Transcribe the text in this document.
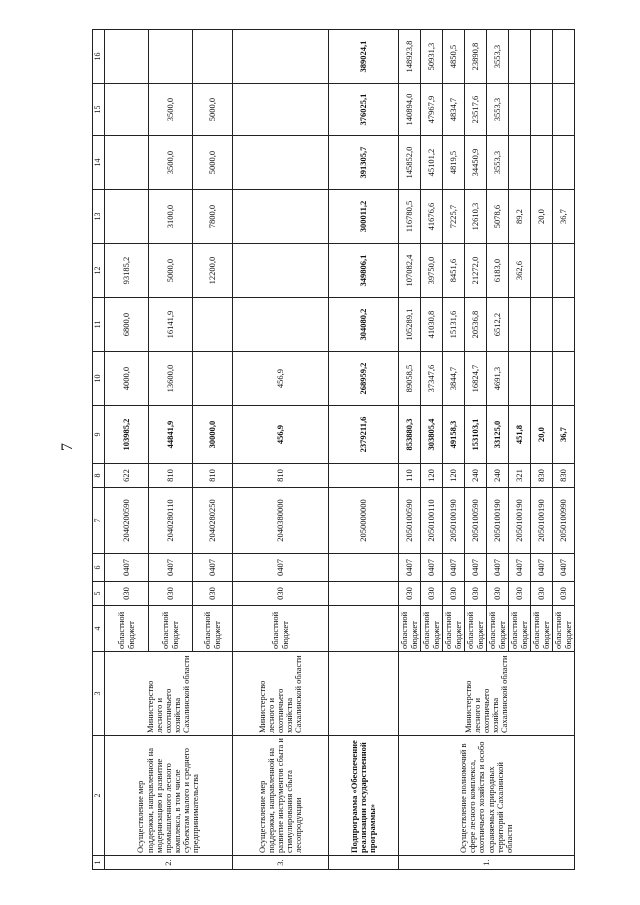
7
1	2	3	4	5	6	7	8	9	10	11	12	13	14	15	16
2.	Осуществление мер поддержки, направленной на модернизацию и развитие промышленного лесного комплекса, в том числе субъектам малого и среднего предпринимательства	Министерство лесного и охотничьего хозяйства Сахалинской области	областной бюджет	030	0407	2040200590	622	103985,2	4000,0	6800,0	93185,2				
			областной бюджет	030	0407	2040280110	810	44841,9	13600,0	16141,9	5000,0	3100,0	3500,0	3500,0	
			областной бюджет	030	0407	2040280250	810	30000,0			12200,0	7800,0	5000,0	5000,0	
3.	Осуществление мер поддержки, направленной на развитие инструментов сбыта и стимулирования сбыта лесопродукции	Министерство лесного и охотничьего хозяйства Сахалинской области	областной бюджет	030	0407	2040380000	810	456,9	456,9						
	Подпрограмма «Обеспечение реализации государственной программы»					2050000000		2379211,6	268959,2	304080,2	349806,1	300011,2	391305,7	376025,1	389024,1
1.	Осуществление полномочий в сфере лесного комплекса, охотничьего хозяйства и особо охраняемых природных территорий Сахалинской области	Министерство лесного и охотничьего хозяйства Сахалинской области	областной бюджет	030	0407	2050100590	110	853880,3	89058,5	105289,1	107082,4	116780,5	145852,0	140894,0	148923,8
			областной бюджет	030	0407	2050100110	120	303805,4	37347,6	41030,8	39750,0	41676,6	45101,2	47967,9	50931,3
			областной бюджет	030	0407	2050100190	120	49158,3	3844,7	15131,6	8451,6	7225,7	4819,5	4834,7	4850,5
			областной бюджет	030	0407	2050100590	240	153103,1	16824,7	20536,8	21272,0	12610,3	34450,9	23517,6	23890,8
			областной бюджет	030	0407	2050100190	240	33125,0	4691,3	6512,2	6183,0	5078,6	3553,3	3553,3	3553,3
			областной бюджет	030	0407	2050100190	321	451,8			362,6	89,2			
			областной бюджет	030	0407	2050100190	830	20,0				20,0			
			областной бюджет	030	0407	2050100990	830	36,7				36,7			
